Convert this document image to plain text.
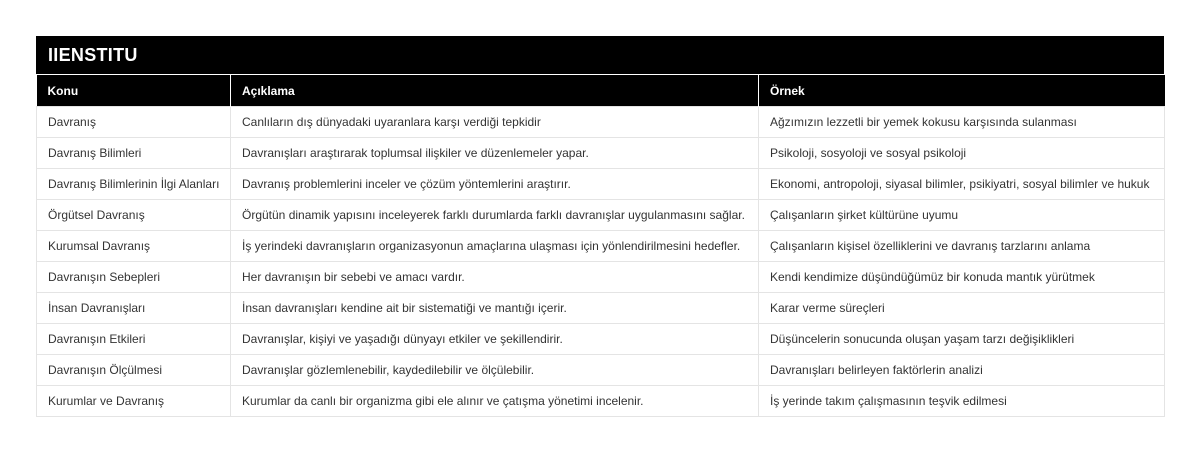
IIENSTITU
Konu	Açıklama	Örnek
Davranış	Canlıların dış dünyadaki uyaranlara karşı verdiği tepkidir	Ağzımızın lezzetli bir yemek kokusu karşısında sulanması
Davranış Bilimleri	Davranışları araştırarak toplumsal ilişkiler ve düzenlemeler yapar.	Psikoloji, sosyoloji ve sosyal psikoloji
Davranış Bilimlerinin İlgi Alanları	Davranış problemlerini inceler ve çözüm yöntemlerini araştırır.	Ekonomi, antropoloji, siyasal bilimler, psikiyatri, sosyal bilimler ve hukuk
Örgütsel Davranış	Örgütün dinamik yapısını inceleyerek farklı durumlarda farklı davranışlar uygulanmasını sağlar.	Çalışanların şirket kültürüne uyumu
Kurumsal Davranış	İş yerindeki davranışların organizasyonun amaçlarına ulaşması için yönlendirilmesini hedefler.	Çalışanların kişisel özelliklerini ve davranış tarzlarını anlama
Davranışın Sebepleri	Her davranışın bir sebebi ve amacı vardır.	Kendi kendimize düşündüğümüz bir konuda mantık yürütmek
İnsan Davranışları	İnsan davranışları kendine ait bir sistematiği ve mantığı içerir.	Karar verme süreçleri
Davranışın Etkileri	Davranışlar, kişiyi ve yaşadığı dünyayı etkiler ve şekillendirir.	Düşüncelerin sonucunda oluşan yaşam tarzı değişiklikleri
Davranışın Ölçülmesi	Davranışlar gözlemlenebilir, kaydedilebilir ve ölçülebilir.	Davranışları belirleyen faktörlerin analizi
Kurumlar ve Davranış	Kurumlar da canlı bir organizma gibi ele alınır ve çatışma yönetimi incelenir.	İş yerinde takım çalışmasının teşvik edilmesi
